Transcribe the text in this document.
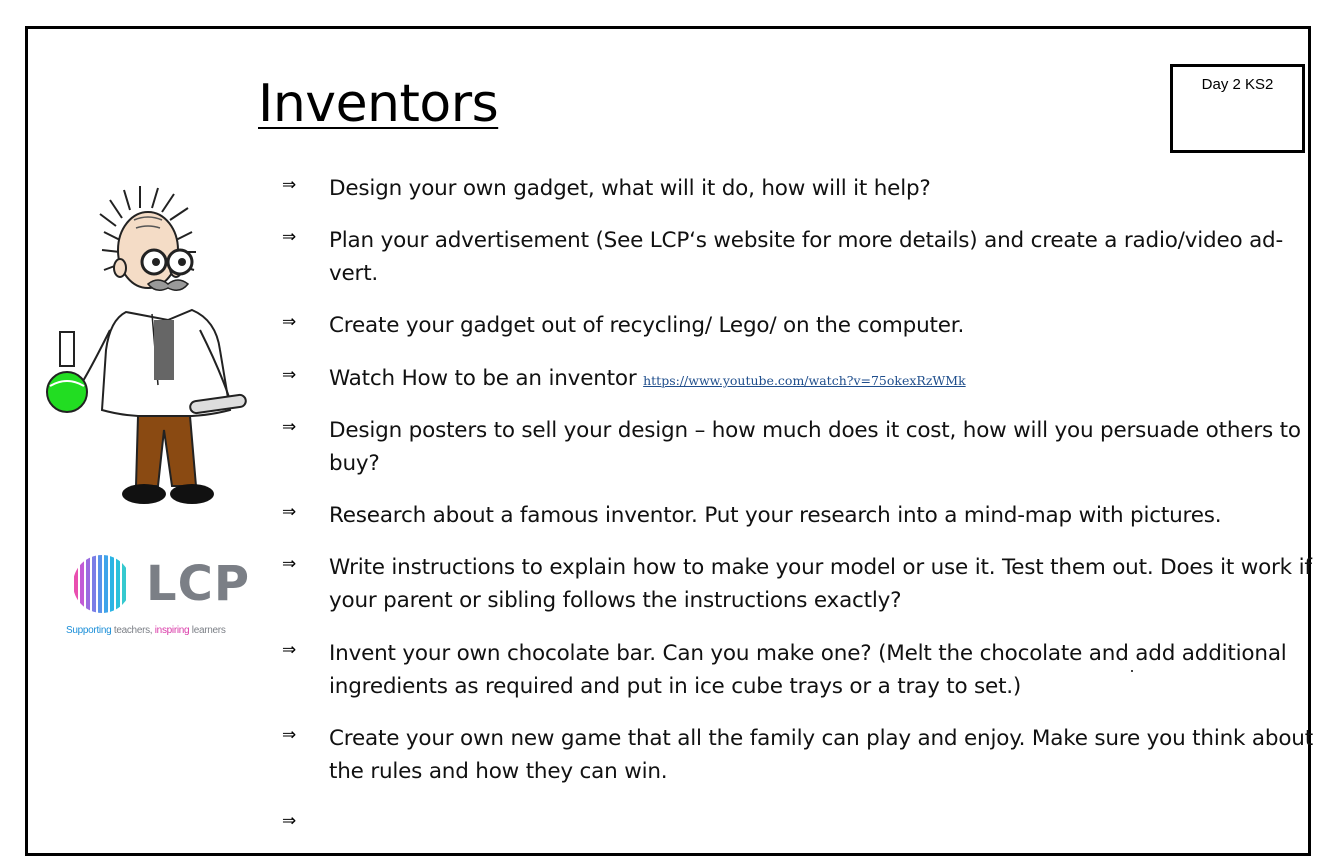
Inventors	Day 2 KS2
LCP
Supporting teachers, inspiring learners
⇒ Design your own gadget, what will it do, how will it help?
⇒ Plan your advertisement (See LCP‘s website for more details) and create a radio/video ad-vert.
⇒ Create your gadget out of recycling/ Lego/ on the computer.
⇒ Watch How to be an inventor https://www.youtube.com/watch?v=75okexRzWMk
⇒ Design posters to sell your design – how much does it cost, how will you persuade others to buy?
⇒ Research about a famous inventor. Put your research into a mind-map with pictures.
⇒ Write instructions to explain how to make your model or use it. Test them out. Does it work if your parent or sibling follows the instructions exactly?
⇒ Invent your own chocolate bar. Can you make one? (Melt the chocolate and add additional ingredients as required and put in ice cube trays or a tray to set.)
⇒ Create your own new game that all the family can play and enjoy. Make sure you think about the rules and how they can win.
⇒
